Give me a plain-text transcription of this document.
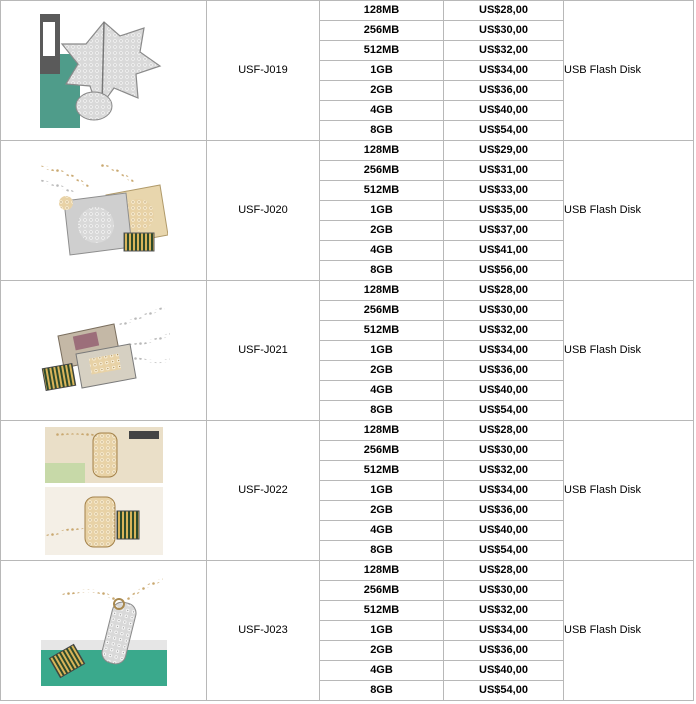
	USF-J019	128MB	US$28,00	USB Flash Disk
		256MB	US$30,00	
		512MB	US$32,00	
		1GB	US$34,00	
		2GB	US$36,00	
		4GB	US$40,00	
		8GB	US$54,00	
	USF-J020	128MB	US$29,00	USB Flash Disk
		256MB	US$31,00	
		512MB	US$33,00	
		1GB	US$35,00	
		2GB	US$37,00	
		4GB	US$41,00	
		8GB	US$56,00	
	USF-J021	128MB	US$28,00	USB Flash Disk
		256MB	US$30,00	
		512MB	US$32,00	
		1GB	US$34,00	
		2GB	US$36,00	
		4GB	US$40,00	
		8GB	US$54,00	
	USF-J022	128MB	US$28,00	USB Flash Disk
		256MB	US$30,00	
		512MB	US$32,00	
		1GB	US$34,00	
		2GB	US$36,00	
		4GB	US$40,00	
		8GB	US$54,00	
	USF-J023	128MB	US$28,00	USB Flash Disk
		256MB	US$30,00	
		512MB	US$32,00	
		1GB	US$34,00	
		2GB	US$36,00	
		4GB	US$40,00	
		8GB	US$54,00	
